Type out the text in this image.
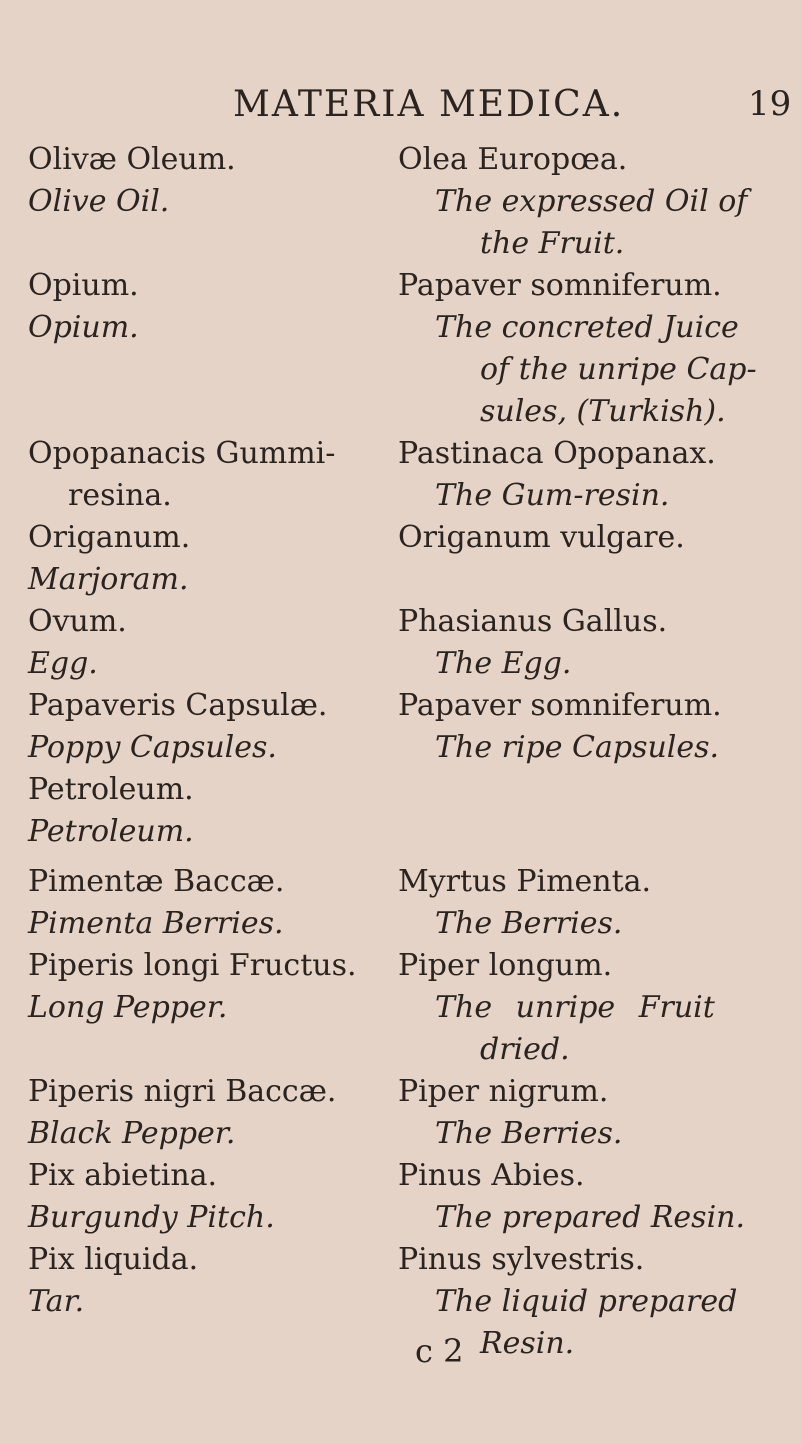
MATERIA MEDICA.	19
Olivæ Oleum.
Olive Oil.
Olea Europœa.
The expressed Oil of
the Fruit.
Opium.
Opium.
Papaver somniferum.
The concreted Juice
of the unripe Cap-
sules, (Turkish).
Opopanacis Gummi-
resina.
Pastinaca Opopanax.
The Gum-resin.
Origanum.
Marjoram.
Origanum vulgare.
Ovum.
Egg.
Phasianus Gallus.
The Egg.
Papaveris Capsulæ.
Poppy Capsules.
Papaver somniferum.
The ripe Capsules.
Petroleum.
Petroleum.
Pimentæ Baccæ.
Pimenta Berries.
Myrtus Pimenta.
The Berries.
Piperis longi Fructus.
Long Pepper.
Piper longum.
The unripe Fruit
dried.
Piperis nigri Baccæ.
Black Pepper.
Piper nigrum.
The Berries.
Pix abietina.
Burgundy Pitch.
Pinus Abies.
The prepared Resin.
Pix liquida.
Tar.
Pinus sylvestris.
The liquid prepared
Resin.
c 2
